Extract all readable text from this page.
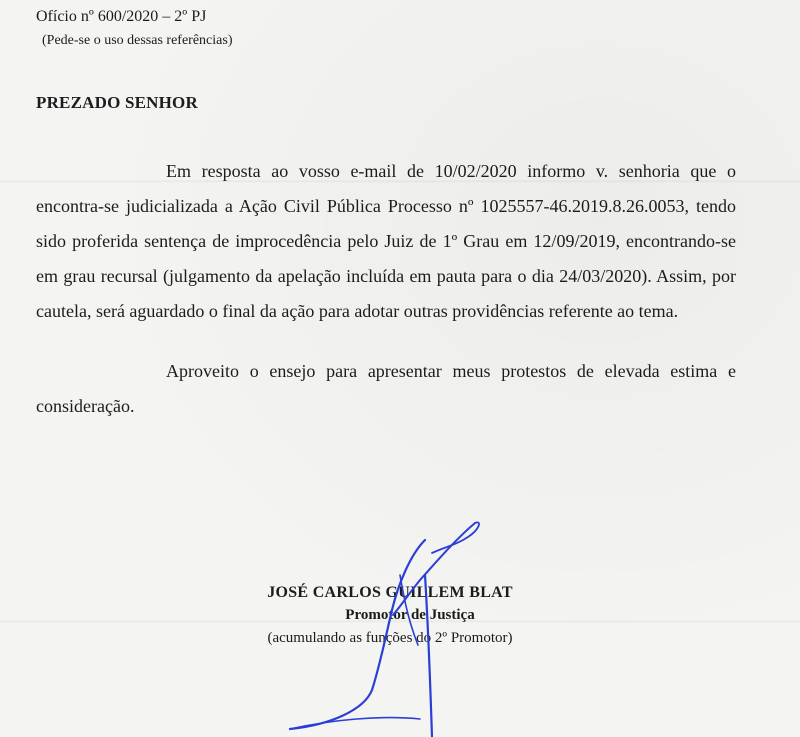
Ofício nº 600/2020 – 2º PJ
(Pede-se o uso dessas referências)
PREZADO SENHOR

Em resposta ao vosso e-mail de 10/02/2020 informo v. senhoria que o encontra-se judicializada a Ação Civil Pública Processo nº 1025557-46.2019.8.26.0053, tendo sido proferida sentença de improcedência pelo Juiz de 1º Grau em 12/09/2019, encontrando-se em grau recursal (julgamento da apelação incluída em pauta para o dia 24/03/2020). Assim, por cautela, será aguardado o final da ação para adotar outras providências referente ao tema.

Aproveito o ensejo para apresentar meus protestos de elevada estima e consideração.

JOSÉ CARLOS GUILLEM BLAT
Promotor de Justiça
(acumulando as funções do 2º Promotor)
